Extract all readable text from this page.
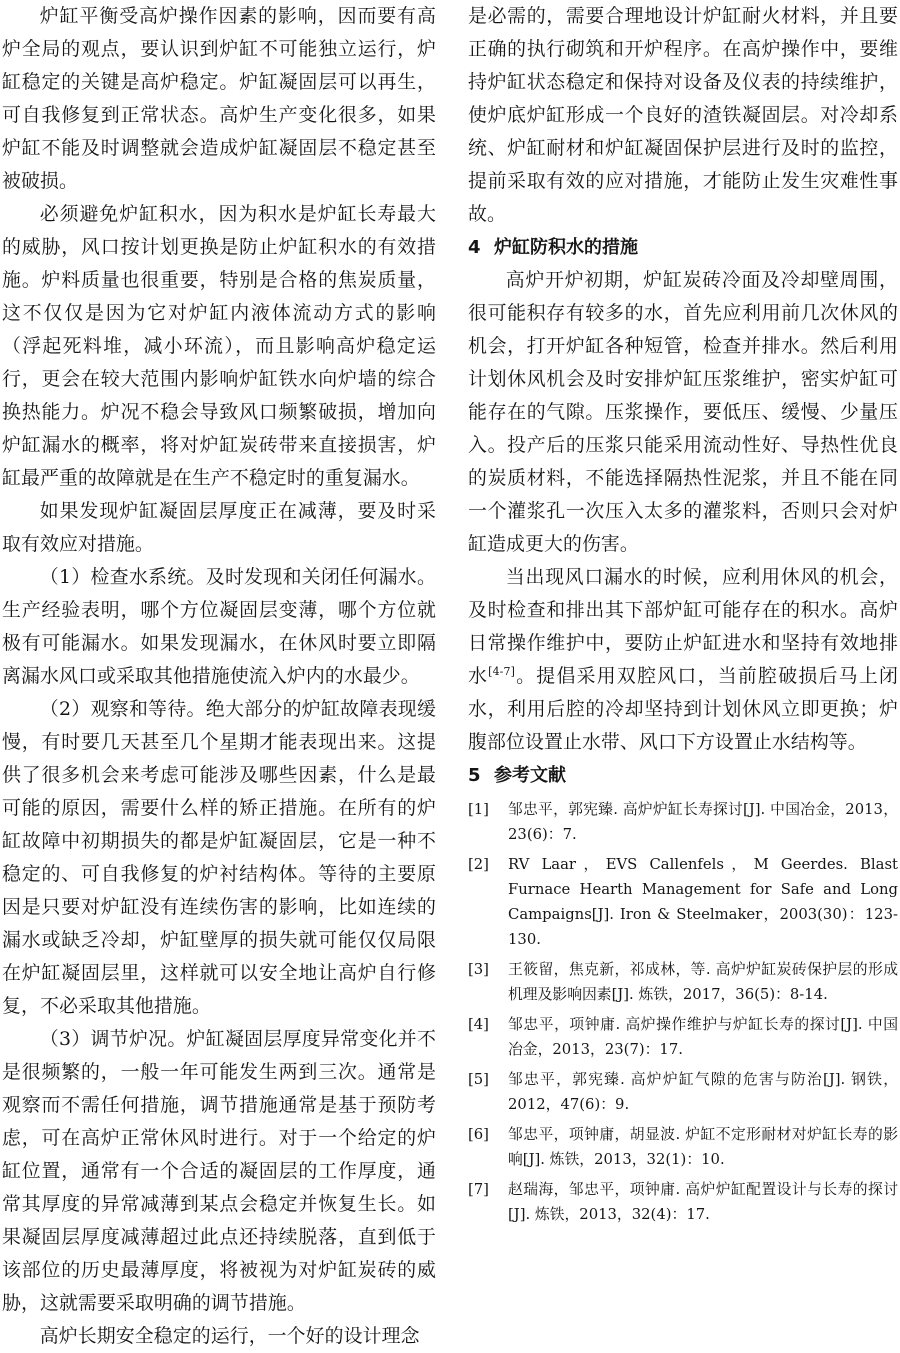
炉缸平衡受高炉操作因素的影响，因而要有高炉全局的观点，要认识到炉缸不可能独立运行，炉缸稳定的关键是高炉稳定。炉缸凝固层可以再生，可自我修复到正常状态。高炉生产变化很多，如果炉缸不能及时调整就会造成炉缸凝固层不稳定甚至被破损。

必须避免炉缸积水，因为积水是炉缸长寿最大的威胁，风口按计划更换是防止炉缸积水的有效措施。炉料质量也很重要，特别是合格的焦炭质量，这不仅仅是因为它对炉缸内液体流动方式的影响（浮起死料堆，减小环流），而且影响高炉稳定运行，更会在较大范围内影响炉缸铁水向炉墙的综合换热能力。炉况不稳会导致风口频繁破损，增加向炉缸漏水的概率，将对炉缸炭砖带来直接损害，炉缸最严重的故障就是在生产不稳定时的重复漏水。

如果发现炉缸凝固层厚度正在减薄，要及时采取有效应对措施。

（1）检查水系统。及时发现和关闭任何漏水。生产经验表明，哪个方位凝固层变薄，哪个方位就极有可能漏水。如果发现漏水，在休风时要立即隔离漏水风口或采取其他措施使流入炉内的水最少。

（2）观察和等待。绝大部分的炉缸故障表现缓慢，有时要几天甚至几个星期才能表现出来。这提供了很多机会来考虑可能涉及哪些因素，什么是最可能的原因，需要什么样的矫正措施。在所有的炉缸故障中初期损失的都是炉缸凝固层，它是一种不稳定的、可自我修复的炉衬结构体。等待的主要原因是只要对炉缸没有连续伤害的影响，比如连续的漏水或缺乏冷却，炉缸壁厚的损失就可能仅仅局限在炉缸凝固层里，这样就可以安全地让高炉自行修复，不必采取其他措施。

（3）调节炉况。炉缸凝固层厚度异常变化并不是很频繁的，一般一年可能发生两到三次。通常是观察而不需任何措施，调节措施通常是基于预防考虑，可在高炉正常休风时进行。对于一个给定的炉缸位置，通常有一个合适的凝固层的工作厚度，通常其厚度的异常减薄到某点会稳定并恢复生长。如果凝固层厚度减薄超过此点还持续脱落，直到低于该部位的历史最薄厚度，将被视为对炉缸炭砖的威胁，这就需要采取明确的调节措施。

高炉长期安全稳定的运行，一个好的设计理念

是必需的，需要合理地设计炉缸耐火材料，并且要正确的执行砌筑和开炉程序。在高炉操作中，要维持炉缸状态稳定和保持对设备及仪表的持续维护，使炉底炉缸形成一个良好的渣铁凝固层。对冷却系统、炉缸耐材和炉缸凝固保护层进行及时的监控，提前采取有效的应对措施，才能防止发生灾难性事故。

4 炉缸防积水的措施

高炉开炉初期，炉缸炭砖冷面及冷却壁周围，很可能积存有较多的水，首先应利用前几次休风的机会，打开炉缸各种短管，检查并排水。然后利用计划休风机会及时安排炉缸压浆维护，密实炉缸可能存在的气隙。压浆操作，要低压、缓慢、少量压入。投产后的压浆只能采用流动性好、导热性优良的炭质材料，不能选择隔热性泥浆，并且不能在同一个灌浆孔一次压入太多的灌浆料，否则只会对炉缸造成更大的伤害。

当出现风口漏水的时候，应利用休风的机会，及时检查和排出其下部炉缸可能存在的积水。高炉日常操作维护中，要防止炉缸进水和坚持有效地排水[4-7]。提倡采用双腔风口，当前腔破损后马上闭水，利用后腔的冷却坚持到计划休风立即更换；炉腹部位设置止水带、风口下方设置止水结构等。

5 参考文献
[1] 邹忠平，郭宪臻. 高炉炉缸长寿探讨[J]. 中国冶金，2013，23(6)：7.
[2] RV Laar，EVS Callenfels，M Geerdes. Blast Furnace Hearth Management for Safe and Long Campaigns[J]. Iron & Steelmaker，2003(30)：123-130.
[3] 王筱留，焦克新，祁成林，等. 高炉炉缸炭砖保护层的形成机理及影响因素[J]. 炼铁，2017，36(5)：8-14.
[4] 邹忠平，项钟庸. 高炉操作维护与炉缸长寿的探讨[J]. 中国冶金，2013，23(7)：17.
[5] 邹忠平，郭宪臻. 高炉炉缸气隙的危害与防治[J]. 钢铁，2012，47(6)：9.
[6] 邹忠平，项钟庸，胡显波. 炉缸不定形耐材对炉缸长寿的影响[J]. 炼铁，2013，32(1)：10.
[7] 赵瑞海，邹忠平，项钟庸. 高炉炉缸配置设计与长寿的探讨[J]. 炼铁，2013，32(4)：17.
